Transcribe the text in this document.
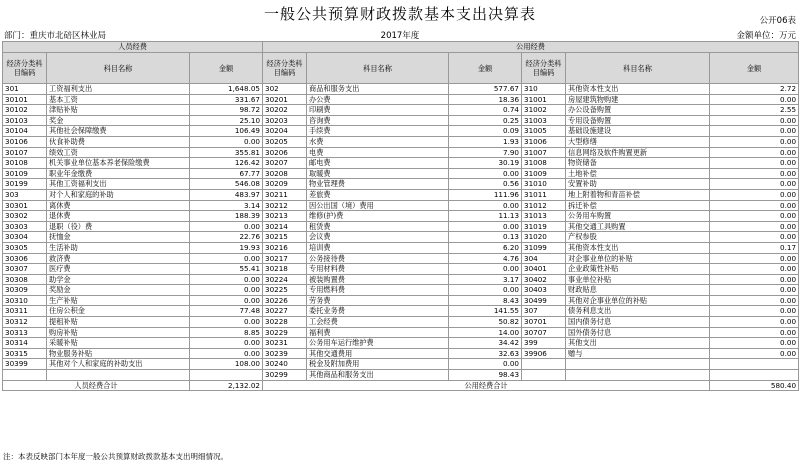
一般公共预算财政拨款基本支出决算表	公开06表
部门：重庆市北碚区林业局	2017年度	金额单位：万元
人员经费			公用经费					
经济分类科目编码	科目名称	金额	经济分类科目编码	科目名称	金额	经济分类科目编码	科目名称	金额
301	工资福利支出	1,648.05	302	商品和服务支出	577.67	310	其他资本性支出	2.72
30101	基本工资	331.67	30201	办公费	18.36	31001	房屋建筑物购建	0.00
30102	津贴补贴	98.72	30202	印刷费	0.74	31002	办公设备购置	2.55
30103	奖金	25.10	30203	咨询费	0.25	31003	专用设备购置	0.00
30104	其他社会保障缴费	106.49	30204	手续费	0.09	31005	基础设施建设	0.00
30106	伙食补助费	0.00	30205	水费	1.93	31006	大型修缮	0.00
30107	绩效工资	355.81	30206	电费	7.90	31007	信息网络及软件购置更新	0.00
30108	机关事业单位基本养老保险缴费	126.42	30207	邮电费	30.19	31008	物资储备	0.00
30109	职业年金缴费	67.77	30208	取暖费	0.00	31009	土地补偿	0.00
30199	其他工资福利支出	546.08	30209	物业管理费	0.56	31010	安置补助	0.00
303	对个人和家庭的补助	483.97	30211	差旅费	111.96	31011	地上附着物和青苗补偿	0.00
30301	离休费	3.14	30212	因公出国（境）费用	0.00	31012	拆迁补偿	0.00
30302	退休费	188.39	30213	维修(护)费	11.13	31013	公务用车购置	0.00
30303	退职（役）费	0.00	30214	租赁费	0.00	31019	其他交通工具购置	0.00
30304	抚恤金	22.76	30215	会议费	0.13	31020	产权参股	0.00
30305	生活补助	19.93	30216	培训费	6.20	31099	其他资本性支出	0.17
30306	救济费	0.00	30217	公务接待费	4.76	304	对企事业单位的补贴	0.00
30307	医疗费	55.41	30218	专用材料费	0.00	30401	企业政策性补贴	0.00
30308	助学金	0.00	30224	被装购置费	3.17	30402	事业单位补贴	0.00
30309	奖励金	0.00	30225	专用燃料费	0.00	30403	财政贴息	0.00
30310	生产补贴	0.00	30226	劳务费	8.43	30499	其他对企事业单位的补贴	0.00
30311	住房公积金	77.48	30227	委托业务费	141.55	307	债务利息支出	0.00
30312	提租补贴	0.00	30228	工会经费	50.82	30701	国内债务付息	0.00
30313	购房补贴	8.85	30229	福利费	14.00	30707	国外债务付息	0.00
30314	采暖补贴	0.00	30231	公务用车运行维护费	34.42	399	其他支出	0.00
30315	物业服务补贴	0.00	30239	其他交通费用	32.63	39906	赠与	0.00
30399	其他对个人和家庭的补助支出	108.00	30240	税金及附加费用	0.00			
			30299	其他商品和服务支出	98.43			
人员经费合计		2,132.02	公用经费合计					580.40
注：本表反映部门本年度一般公共预算财政拨款基本支出明细情况。
